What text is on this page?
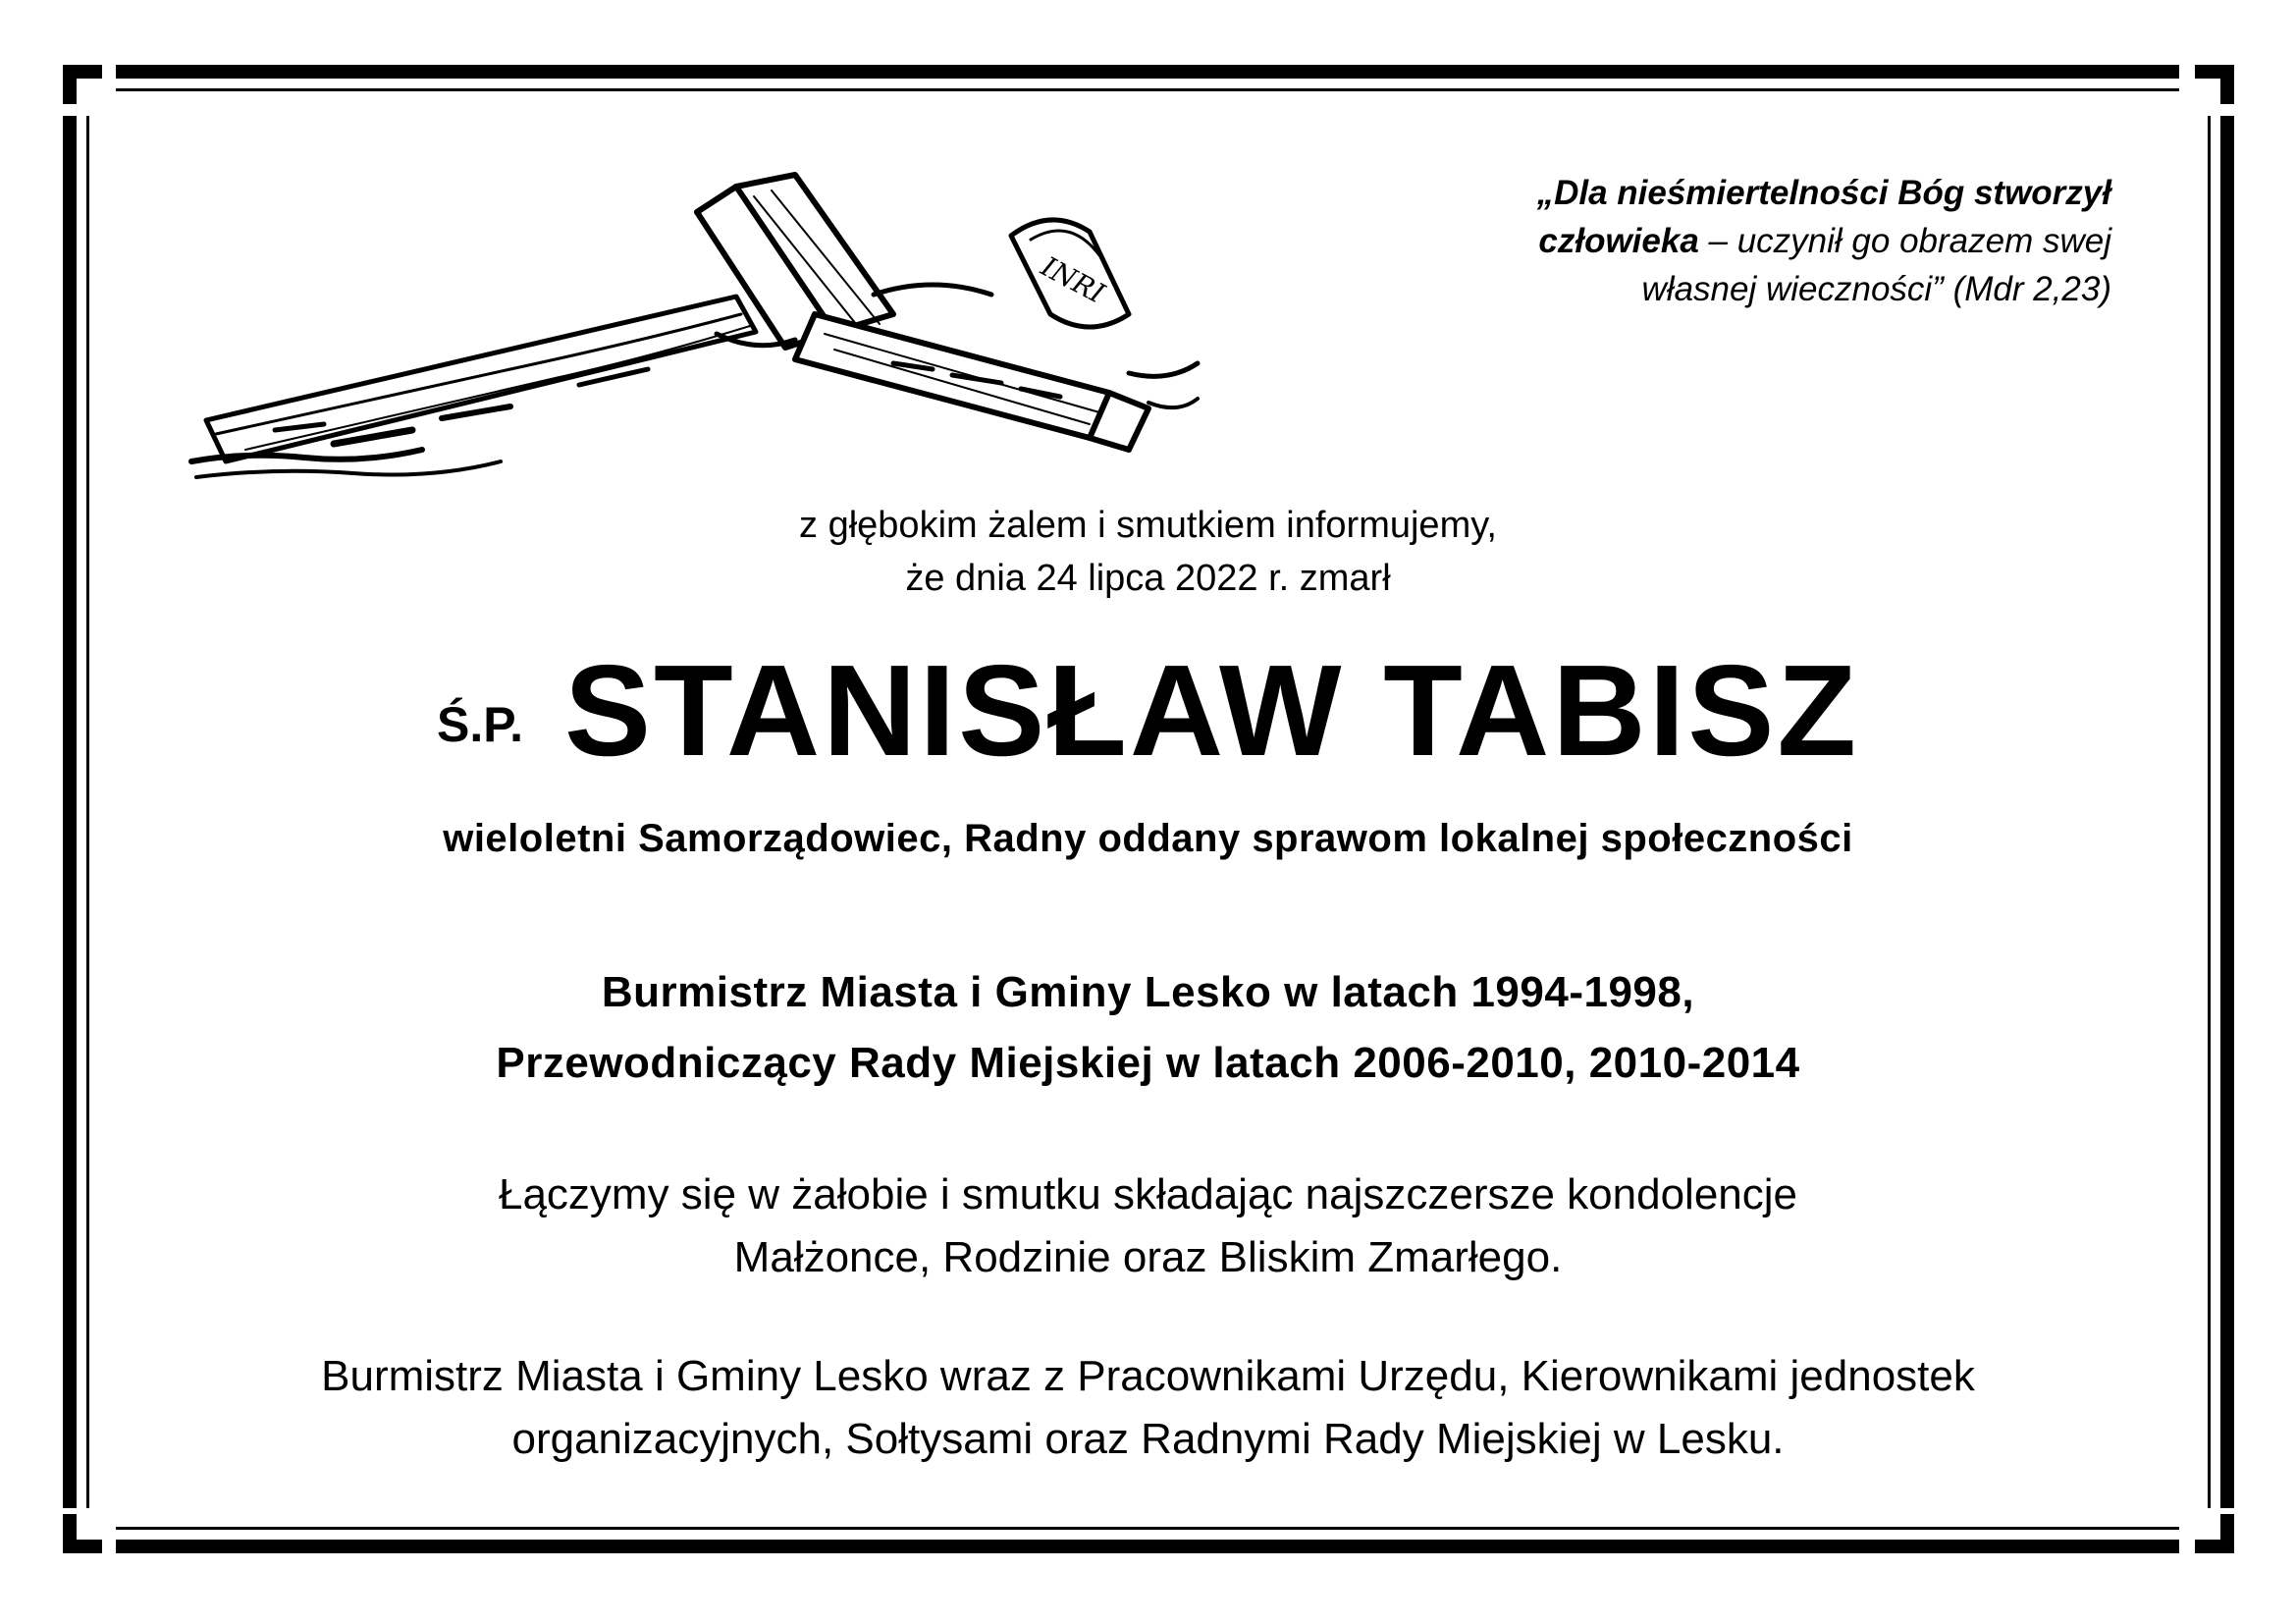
INRI
„Dla nieśmiertelności Bóg stworzył
człowieka – uczynił go obrazem swej
własnej wieczności” (Mdr 2,23)
z głębokim żalem i smutkiem informujemy,
że dnia 24 lipca 2022 r. zmarł
Ś.P. STANISŁAW TABISZ
wieloletni Samorządowiec, Radny oddany sprawom lokalnej społeczności
Burmistrz Miasta i Gminy Lesko w latach 1994-1998,
Przewodniczący Rady Miejskiej w latach 2006-2010, 2010-2014
Łączymy się w żałobie i smutku składając najszczersze kondolencje
Małżonce, Rodzinie oraz Bliskim Zmarłego.
Burmistrz Miasta i Gminy Lesko wraz z Pracownikami Urzędu, Kierownikami jednostek
organizacyjnych, Sołtysami oraz Radnymi Rady Miejskiej w Lesku.
